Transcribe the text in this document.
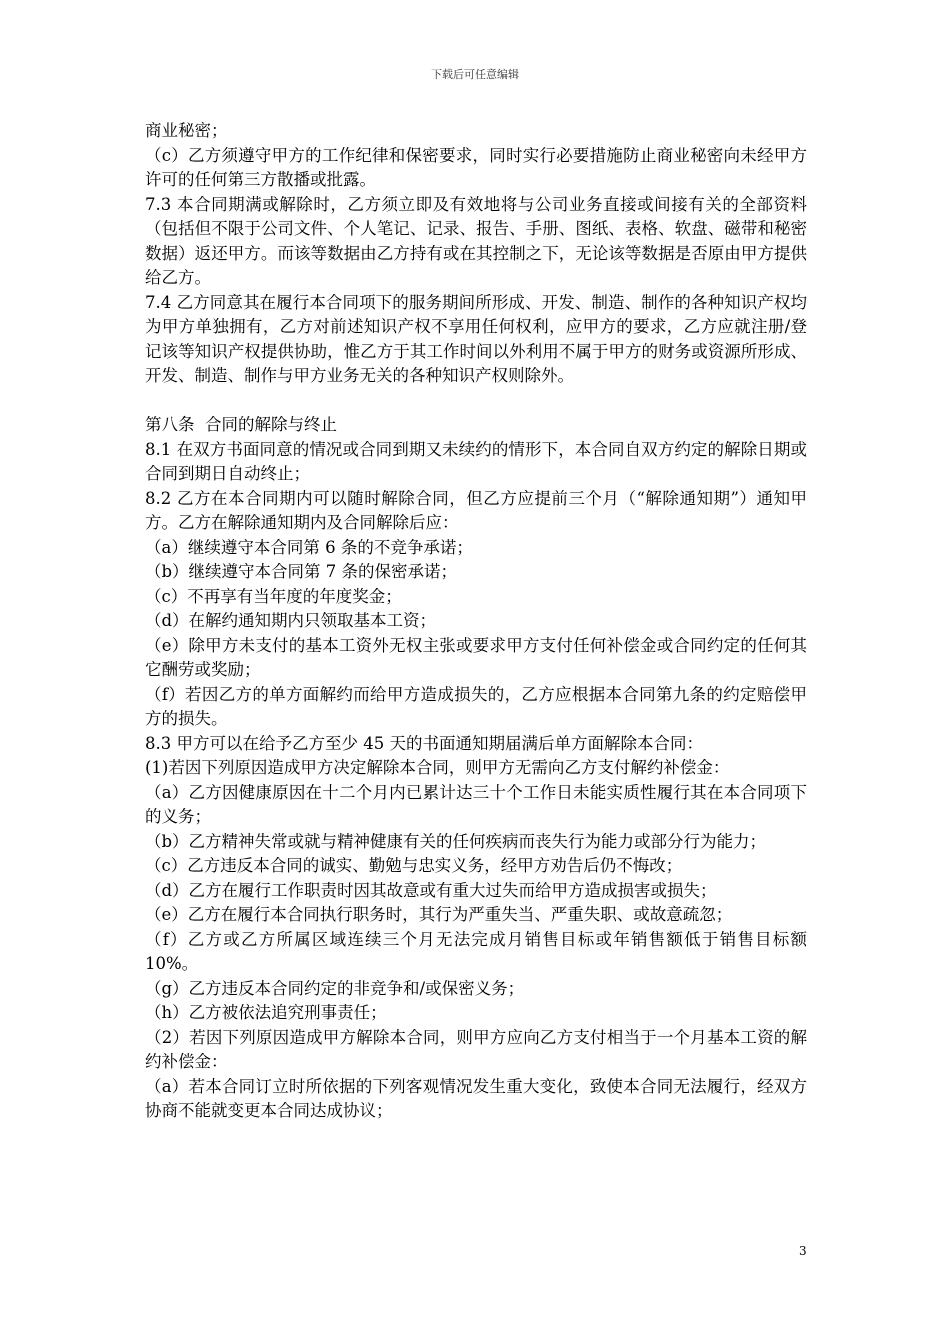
下载后可任意编辑

商业秘密；

（c）乙方须遵守甲方的工作纪律和保密要求，同时实行必要措施防止商业秘密向未经甲方许可的任何第三方散播或批露。

7.3 本合同期满或解除时，乙方须立即及有效地将与公司业务直接或间接有关的全部资料（包括但不限于公司文件、个人笔记、记录、报告、手册、图纸、表格、软盘、磁带和秘密数据）返还甲方。而该等数据由乙方持有或在其控制之下，无论该等数据是否原由甲方提供给乙方。

7.4 乙方同意其在履行本合同项下的服务期间所形成、开发、制造、制作的各种知识产权均为甲方单独拥有，乙方对前述知识产权不享用任何权利，应甲方的要求，乙方应就注册/登记该等知识产权提供协助，惟乙方于其工作时间以外利用不属于甲方的财务或资源所形成、开发、制造、制作与甲方业务无关的各种知识产权则除外。

第八条  合同的解除与终止

8.1 在双方书面同意的情况或合同到期又未续约的情形下，本合同自双方约定的解除日期或合同到期日自动终止；

8.2 乙方在本合同期内可以随时解除合同，但乙方应提前三个月（“解除通知期”）通知甲方。乙方在解除通知期内及合同解除后应：

（a）继续遵守本合同第 6 条的不竞争承诺；

（b）继续遵守本合同第 7 条的保密承诺；

（c）不再享有当年度的年度奖金；

（d）在解约通知期内只领取基本工资；

（e）除甲方未支付的基本工资外无权主张或要求甲方支付任何补偿金或合同约定的任何其它酬劳或奖励；

（f）若因乙方的单方面解约而给甲方造成损失的，乙方应根据本合同第九条的约定赔偿甲方的损失。

8.3 甲方可以在给予乙方至少 45 天的书面通知期届满后单方面解除本合同：

(1)若因下列原因造成甲方决定解除本合同，则甲方无需向乙方支付解约补偿金：

（a）乙方因健康原因在十二个月内已累计达三十个工作日未能实质性履行其在本合同项下的义务；

（b）乙方精神失常或就与精神健康有关的任何疾病而丧失行为能力或部分行为能力；

（c）乙方违反本合同的诚实、勤勉与忠实义务，经甲方劝告后仍不悔改；

（d）乙方在履行工作职责时因其故意或有重大过失而给甲方造成损害或损失；

（e）乙方在履行本合同执行职务时，其行为严重失当、严重失职、或故意疏忽；

（f）乙方或乙方所属区域连续三个月无法完成月销售目标或年销售额低于销售目标额 10%。

（g）乙方违反本合同约定的非竞争和/或保密义务；

（h）乙方被依法追究刑事责任；

（2）若因下列原因造成甲方解除本合同，则甲方应向乙方支付相当于一个月基本工资的解约补偿金：

（a）若本合同订立时所依据的下列客观情况发生重大变化，致使本合同无法履行，经双方协商不能就变更本合同达成协议；

3
